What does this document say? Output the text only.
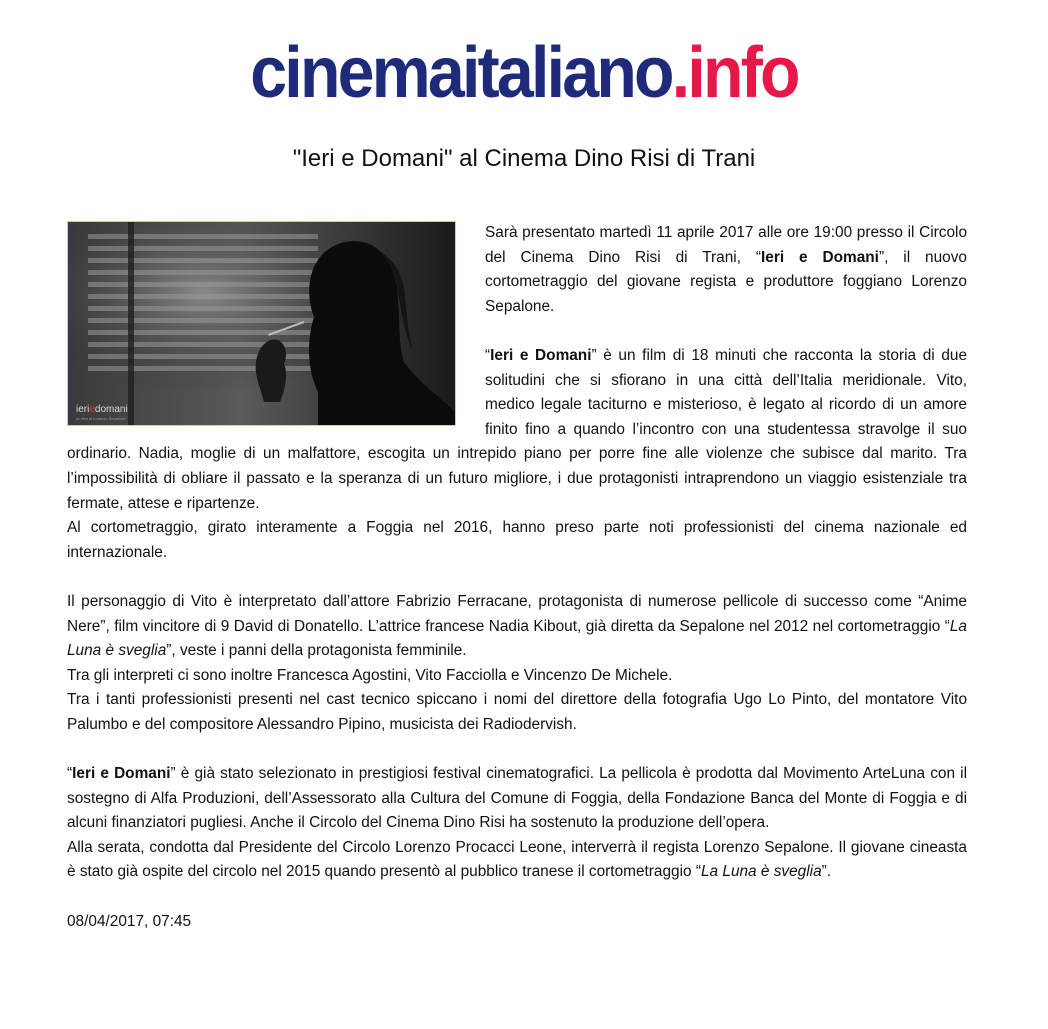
cinemaitaliano.info
"Ieri e Domani" al Cinema Dino Risi di Trani
ieriedomani
un film di Lorenzo Sepalone

Sarà presentato martedì 11 aprile 2017 alle ore 19:00 presso il Circolo del Cinema Dino Risi di Trani, “Ieri e Domani”, il nuovo cortometraggio del giovane regista e produttore foggiano Lorenzo Sepalone.

“Ieri e Domani” è un film di 18 minuti che racconta la storia di due solitudini che si sfiorano in una città dell’Italia meridionale. Vito, medico legale taciturno e misterioso, è legato al ricordo di un amore finito fino a quando l’incontro con una studentessa stravolge il suo ordinario. Nadia, moglie di un malfattore, escogita un intrepido piano per porre fine alle violenze che subisce dal marito. Tra l’impossibilità di obliare il passato e la speranza di un futuro migliore, i due protagonisti intraprendono un viaggio esistenziale tra fermate, attese e ripartenze.

Al cortometraggio, girato interamente a Foggia nel 2016, hanno preso parte noti professionisti del cinema nazionale ed internazionale.

Il personaggio di Vito è interpretato dall’attore Fabrizio Ferracane, protagonista di numerose pellicole di successo come “Anime Nere”, film vincitore di 9 David di Donatello. L’attrice francese Nadia Kibout, già diretta da Sepalone nel 2012 nel cortometraggio “La Luna è sveglia”, veste i panni della protagonista femminile.

Tra gli interpreti ci sono inoltre Francesca Agostini, Vito Facciolla e Vincenzo De Michele.

Tra i tanti professionisti presenti nel cast tecnico spiccano i nomi del direttore della fotografia Ugo Lo Pinto, del montatore Vito Palumbo e del compositore Alessandro Pipino, musicista dei Radiodervish.

“Ieri e Domani” è già stato selezionato in prestigiosi festival cinematografici. La pellicola è prodotta dal Movimento ArteLuna con il sostegno di Alfa Produzioni, dell’Assessorato alla Cultura del Comune di Foggia, della Fondazione Banca del Monte di Foggia e di alcuni finanziatori pugliesi. Anche il Circolo del Cinema Dino Risi ha sostenuto la produzione dell’opera.

Alla serata, condotta dal Presidente del Circolo Lorenzo Procacci Leone, interverrà il regista Lorenzo Sepalone. Il giovane cineasta è stato già ospite del circolo nel 2015 quando presentò al pubblico tranese il cortometraggio “La Luna è sveglia”.

08/04/2017, 07:45
